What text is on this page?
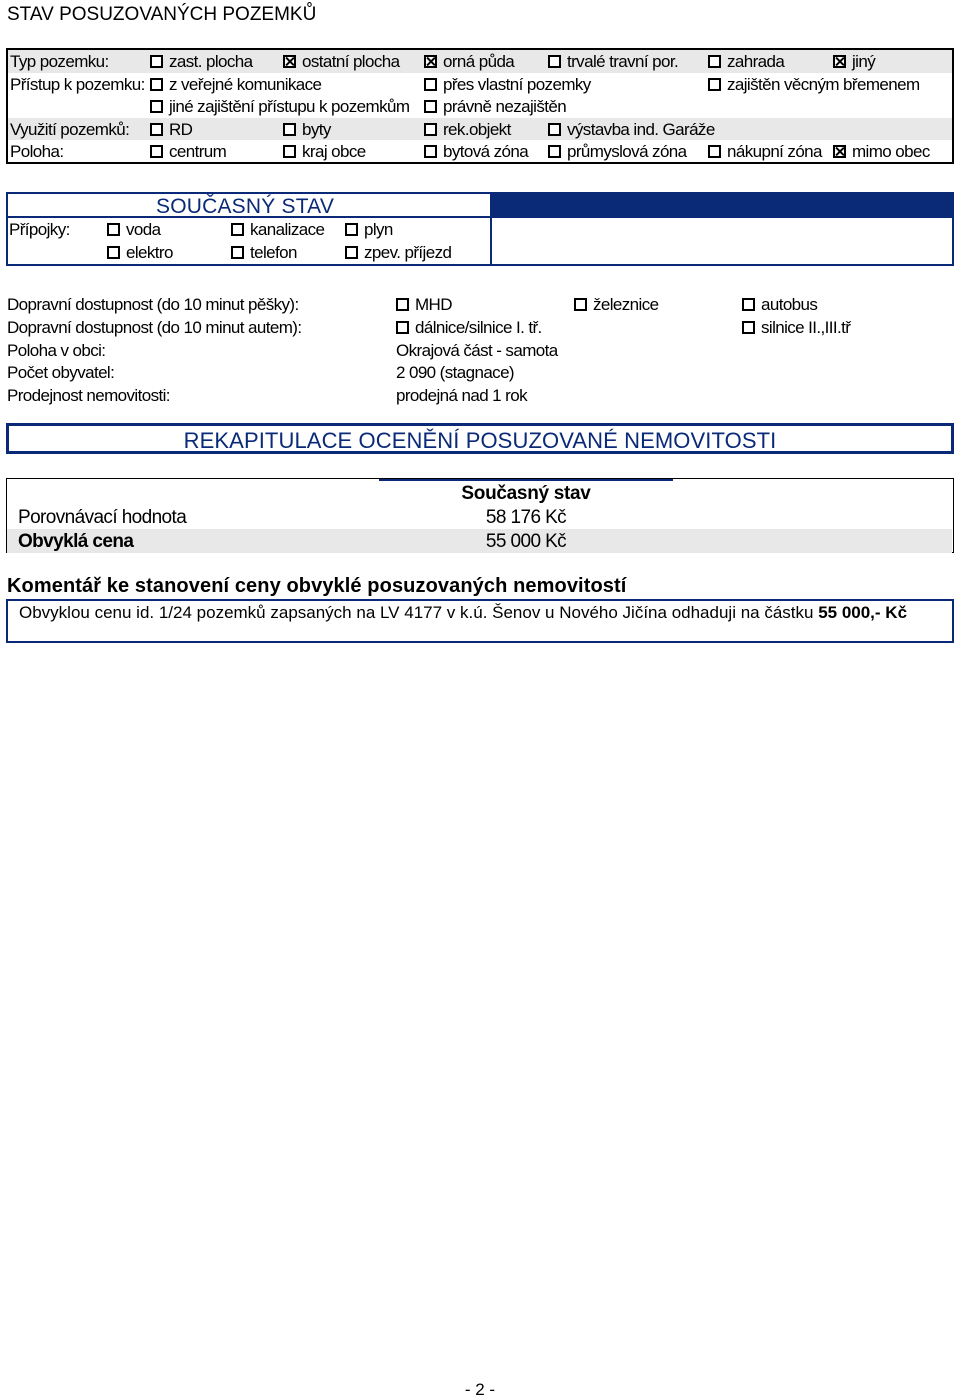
STAV POSUZOVANÝCH POZEMKŮ
Typ pozemku:	zast. plocha	ostatní plocha	orná půda	trvalé travní por.	zahrada	jiný
Přístup k pozemku:	z veřejné komunikace	přes vlastní pozemky	zajištěn věcným břemenem
jiné zajištění přístupu k pozemkům	právně nezajištěn
Využití pozemků:	RD	byty	rek.objekt	výstavba ind. Garáže
Poloha:	centrum	kraj obce	bytová zóna	průmyslová zóna	nákupní zóna	mimo obec
SOUČASNÝ STAV
Přípojky:	voda	kanalizace	plyn
elektro	telefon	zpev. příjezd
Dopravní dostupnost (do 10 minut pěšky):	MHD	železnice	autobus
Dopravní dostupnost (do 10 minut autem):	dálnice/silnice I. tř.	silnice II.,III.tř
Poloha v obci:	Okrajová část - samota
Počet obyvatel:	2 090 (stagnace)
Prodejnost nemovitosti:	prodejná nad 1 rok
REKAPITULACE OCENĚNÍ POSUZOVANÉ NEMOVITOSTI
Současný stav
Porovnávací hodnota	58 176 Kč
Obvyklá cena	55 000 Kč
Komentář ke stanovení ceny obvyklé posuzovaných nemovitostí
Obvyklou cenu id. 1/24 pozemků zapsaných na LV 4177 v k.ú. Šenov u Nového Jičína odhaduji na částku 55 000,- Kč
- 2 -
